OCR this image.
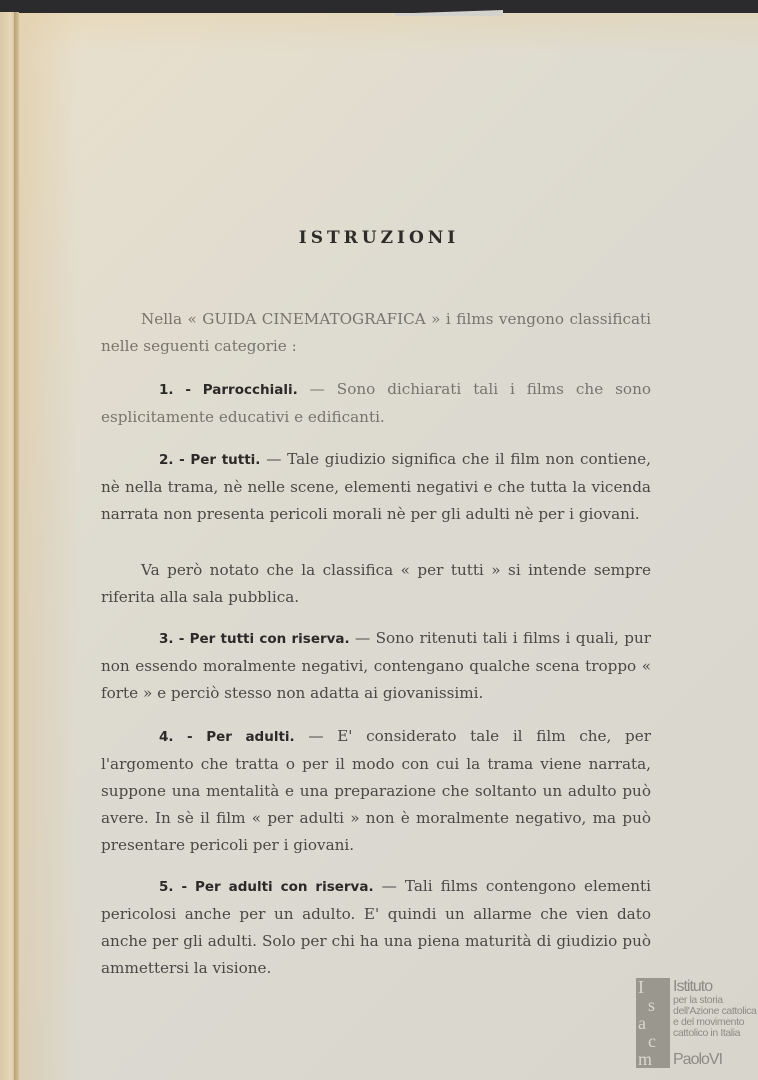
ISTRUZIONI

Nella « GUIDA CINEMATOGRAFICA » i films vengono classificati nelle seguenti categorie :

1. - Parrocchiali. — Sono dichiarati tali i films che sono esplicitamente educativi e edificanti.

2. - Per tutti. — Tale giudizio significa che il film non contiene, nè nella trama, nè nelle scene, elementi negativi e che tutta la vicenda narrata non presenta pericoli morali nè per gli adulti nè per i giovani.

Va però notato che la classifica « per tutti » si intende sempre riferita alla sala pubblica.

3. - Per tutti con riserva. — Sono ritenuti tali i films i quali, pur non essendo moralmente negativi, contengano qualche scena troppo « forte » e perciò stesso non adatta ai giovanissimi.

4. - Per adulti. — E' considerato tale il film che, per l'argomento che tratta o per il modo con cui la trama viene narrata, suppone una mentalità e una preparazione che soltanto un adulto può avere. In sè il film « per adulti » non è moralmente negativo, ma può presentare pericoli per i giovani.

5. - Per adulti con riserva. — Tali films contengono elementi pericolosi anche per un adulto. E' quindi un allarme che vien dato anche per gli adulti. Solo per chi ha una piena maturità di giudizio può ammettersi la visione.

I
s
a
c
m
Istituto
per la storia
dell'Azione cattolica
e del movimento
cattolico in Italia
PaoloVI
